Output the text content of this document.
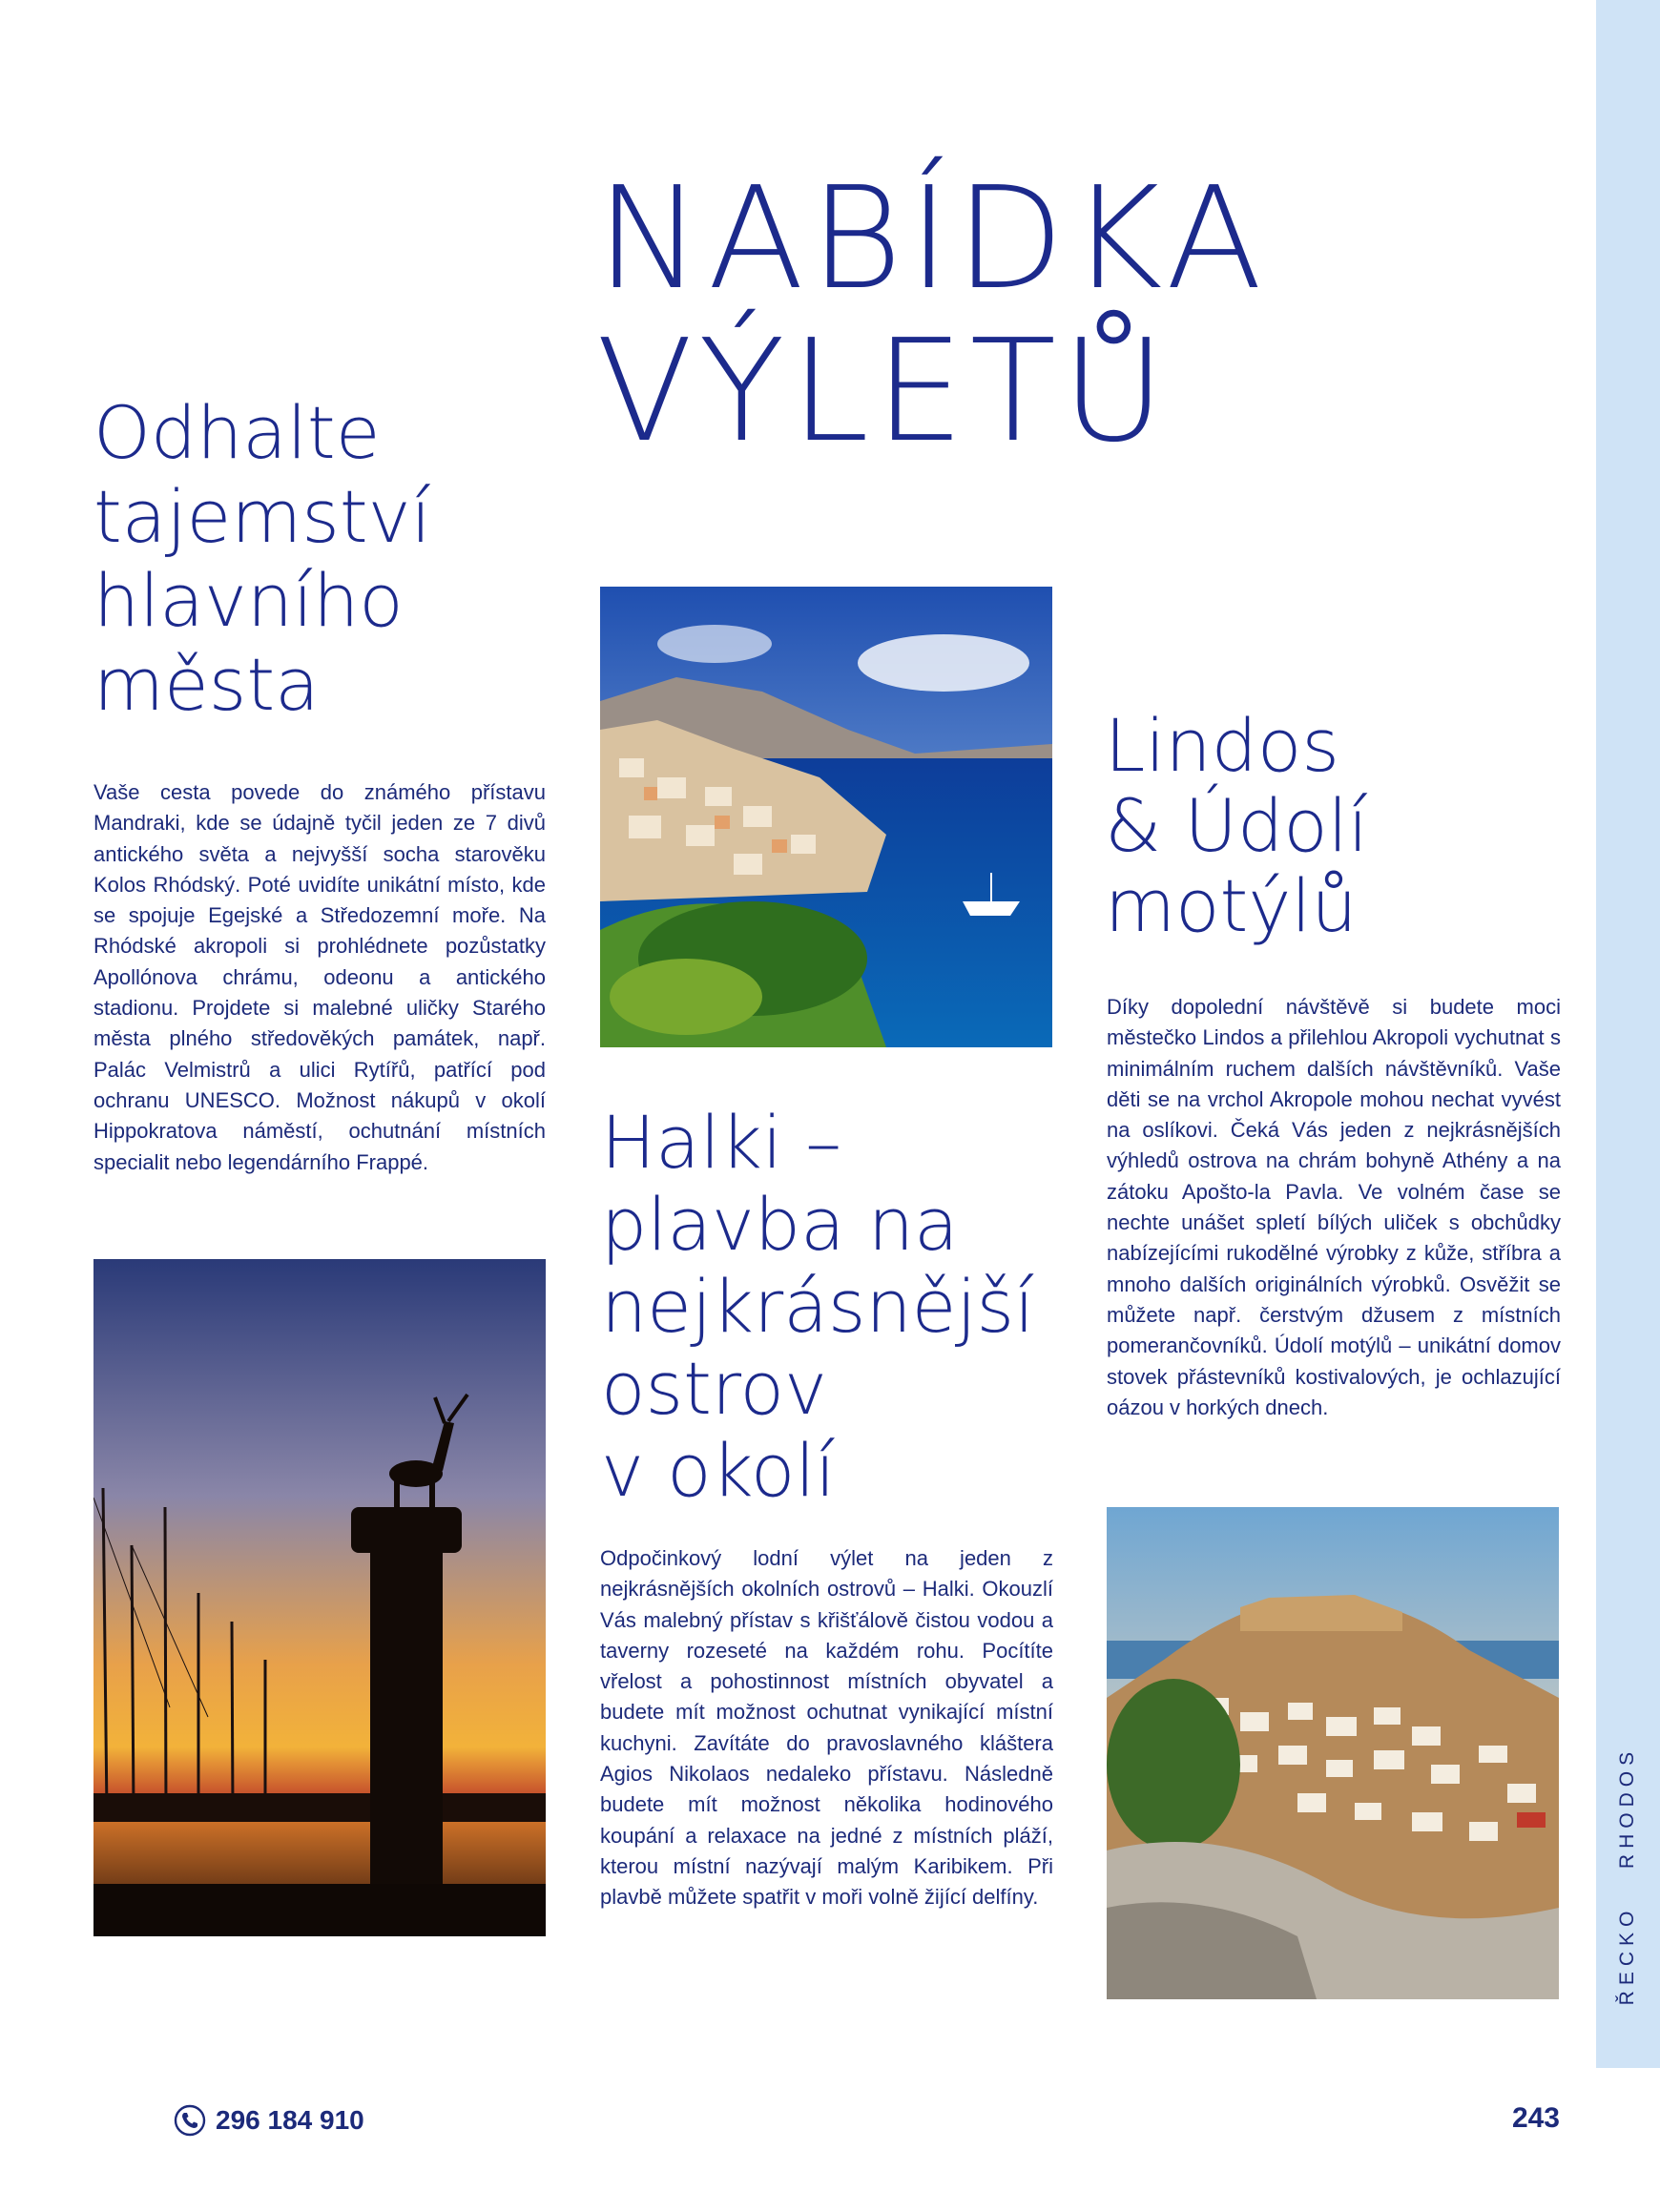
RHODOS
ŘECKO
NABÍDKA
VÝLETŮ
Odhalte
tajemství
hlavního
města

Vaše cesta povede do známého přístavu Mandraki, kde se údajně tyčil jeden ze 7 divů antického světa a nejvyšší socha starověku Kolos Rhódský. Poté uvidíte unikátní místo, kde se spojuje Egejské a Středozemní moře. Na Rhódské akropoli si prohlédnete pozůstatky Apollónova chrámu, odeonu a antického stadionu. Projdete si malebné uličky Starého města plného středověkých památek, např. Palác Velmistrů a ulici Rytířů, patřící pod ochranu UNESCO. Možnost nákupů v okolí Hippokratova náměstí, ochutnání místních specialit nebo legendárního Frappé.	Halki –
plavba na
nejkrásnější
ostrov
v okolí

Odpočinkový lodní výlet na jeden z nejkrásnějších okolních ostrovů – Halki. Okouzlí Vás malebný přístav s křišťálově čistou vodou a taverny rozeseté na každém rohu. Pocítíte vřelost a pohostinnost místních obyvatel a budete mít možnost ochutnat vynikající místní kuchyni. Zavítáte do pravoslavného kláštera Agios Nikolaos nedaleko přístavu. Následně budete mít možnost několika hodinového koupání a relaxace na jedné z místních pláží, kterou místní nazývají malým Karibikem. Při plavbě můžete spatřit v moři volně žijící delfíny.

Lindos
& Údolí
motýlů

Díky dopolední návštěvě si budete moci městečko Lindos a přilehlou Akropoli vychutnat s minimálním ruchem dalších návštěvníků. Vaše děti se na vrchol Akropole mohou nechat vyvést na oslíkovi. Čeká Vás jeden z nejkrásnějších výhledů ostrova na chrám bohyně Athény a na zátoku Apošto-la Pavla. Ve volném čase se nechte unášet spletí bílých uliček s obchůdky nabízejícími rukodělné výrobky z kůže, stříbra a mnoho dalších originálních výrobků. Osvěžit se můžete např. čerstvým džusem z místních pomerančovníků. Údolí motýlů – unikátní domov stovek přástevníků kostivalových, je ochlazující oázou v horkých dnech.

296 184 910	243
